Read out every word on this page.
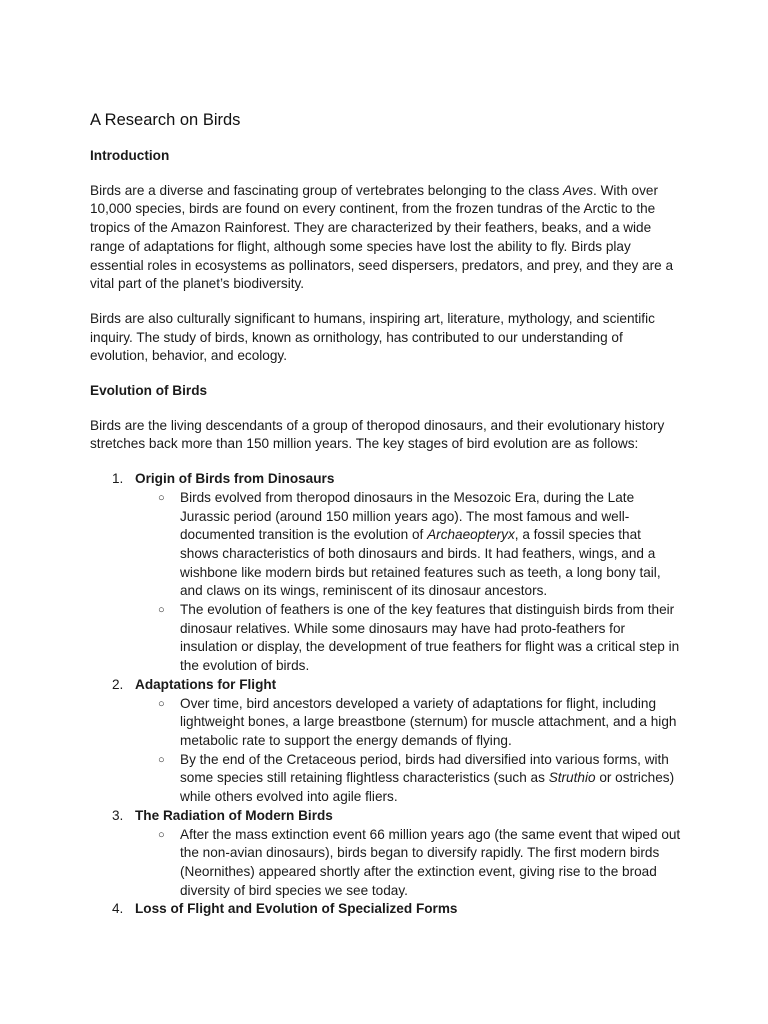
A Research on Birds
Introduction

Birds are a diverse and fascinating group of vertebrates belonging to the class Aves. With over 10,000 species, birds are found on every continent, from the frozen tundras of the Arctic to the tropics of the Amazon Rainforest. They are characterized by their feathers, beaks, and a wide range of adaptations for flight, although some species have lost the ability to fly. Birds play essential roles in ecosystems as pollinators, seed dispersers, predators, and prey, and they are a vital part of the planet’s biodiversity.

Birds are also culturally significant to humans, inspiring art, literature, mythology, and scientific inquiry. The study of birds, known as ornithology, has contributed to our understanding of evolution, behavior, and ecology.

Evolution of Birds

Birds are the living descendants of a group of theropod dinosaurs, and their evolutionary history stretches back more than 150 million years. The key stages of bird evolution are as follows:

1. Origin of Birds from Dinosaurs
○ Birds evolved from theropod dinosaurs in the Mesozoic Era, during the Late Jurassic period (around 150 million years ago). The most famous and well-documented transition is the evolution of Archaeopteryx, a fossil species that shows characteristics of both dinosaurs and birds. It had feathers, wings, and a wishbone like modern birds but retained features such as teeth, a long bony tail, and claws on its wings, reminiscent of its dinosaur ancestors.
○ The evolution of feathers is one of the key features that distinguish birds from their dinosaur relatives. While some dinosaurs may have had proto-feathers for insulation or display, the development of true feathers for flight was a critical step in the evolution of birds.
2. Adaptations for Flight
○ Over time, bird ancestors developed a variety of adaptations for flight, including lightweight bones, a large breastbone (sternum) for muscle attachment, and a high metabolic rate to support the energy demands of flying.
○ By the end of the Cretaceous period, birds had diversified into various forms, with some species still retaining flightless characteristics (such as Struthio or ostriches) while others evolved into agile fliers.
3. The Radiation of Modern Birds
○ After the mass extinction event 66 million years ago (the same event that wiped out the non-avian dinosaurs), birds began to diversify rapidly. The first modern birds (Neornithes) appeared shortly after the extinction event, giving rise to the broad diversity of bird species we see today.
4. Loss of Flight and Evolution of Specialized Forms
